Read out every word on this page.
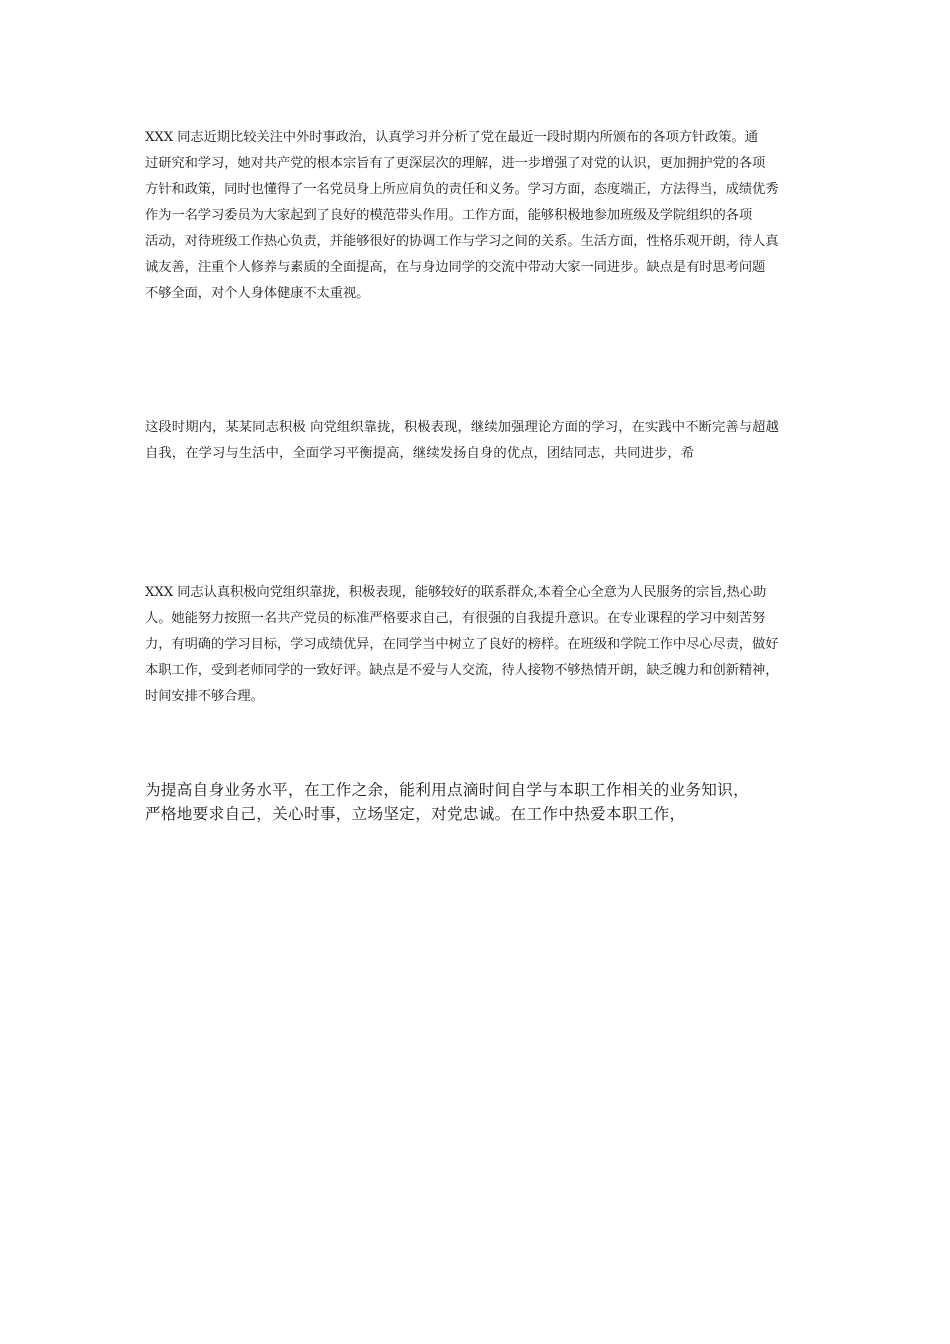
XXX 同志近期比较关注中外时事政治，认真学习并分析了党在最近一段时期内所颁布的各项方针政策。通
过研究和学习，她对共产党的根本宗旨有了更深层次的理解，进一步增强了对党的认识，更加拥护党的各项
方针和政策，同时也懂得了一名党员身上所应肩负的责任和义务。学习方面，态度端正，方法得当，成绩优秀
作为一名学习委员为大家起到了良好的模范带头作用。工作方面，能够积极地参加班级及学院组织的各项
活动，对待班级工作热心负责，并能够很好的协调工作与学习之间的关系。生活方面，性格乐观开朗，待人真
诚友善，注重个人修养与素质的全面提高，在与身边同学的交流中带动大家一同进步。缺点是有时思考问题
不够全面，对个人身体健康不太重视。
这段时期内，某某同志积极 向党组织靠拢，积极表现，继续加强理论方面的学习，在实践中不断完善与超越
自我，在学习与生活中，全面学习平衡提高，继续发扬自身的优点，团结同志，共同进步，希
XXX 同志认真积极向党组织靠拢，积极表现，能够较好的联系群众,本着全心全意为人民服务的宗旨,热心助
人。她能努力按照一名共产党员的标准严格要求自己，有很强的自我提升意识。在专业课程的学习中刻苦努
力，有明确的学习目标，学习成绩优异，在同学当中树立了良好的榜样。在班级和学院工作中尽心尽责，做好
本职工作，受到老师同学的一致好评。缺点是不爱与人交流，待人接物不够热情开朗，缺乏魄力和创新精神，
时间安排不够合理。
为提高自身业务水平，在工作之余，能利用点滴时间自学与本职工作相关的业务知识，
严格地要求自己，关心时事，立场坚定，对党忠诚。在工作中热爱本职工作，
